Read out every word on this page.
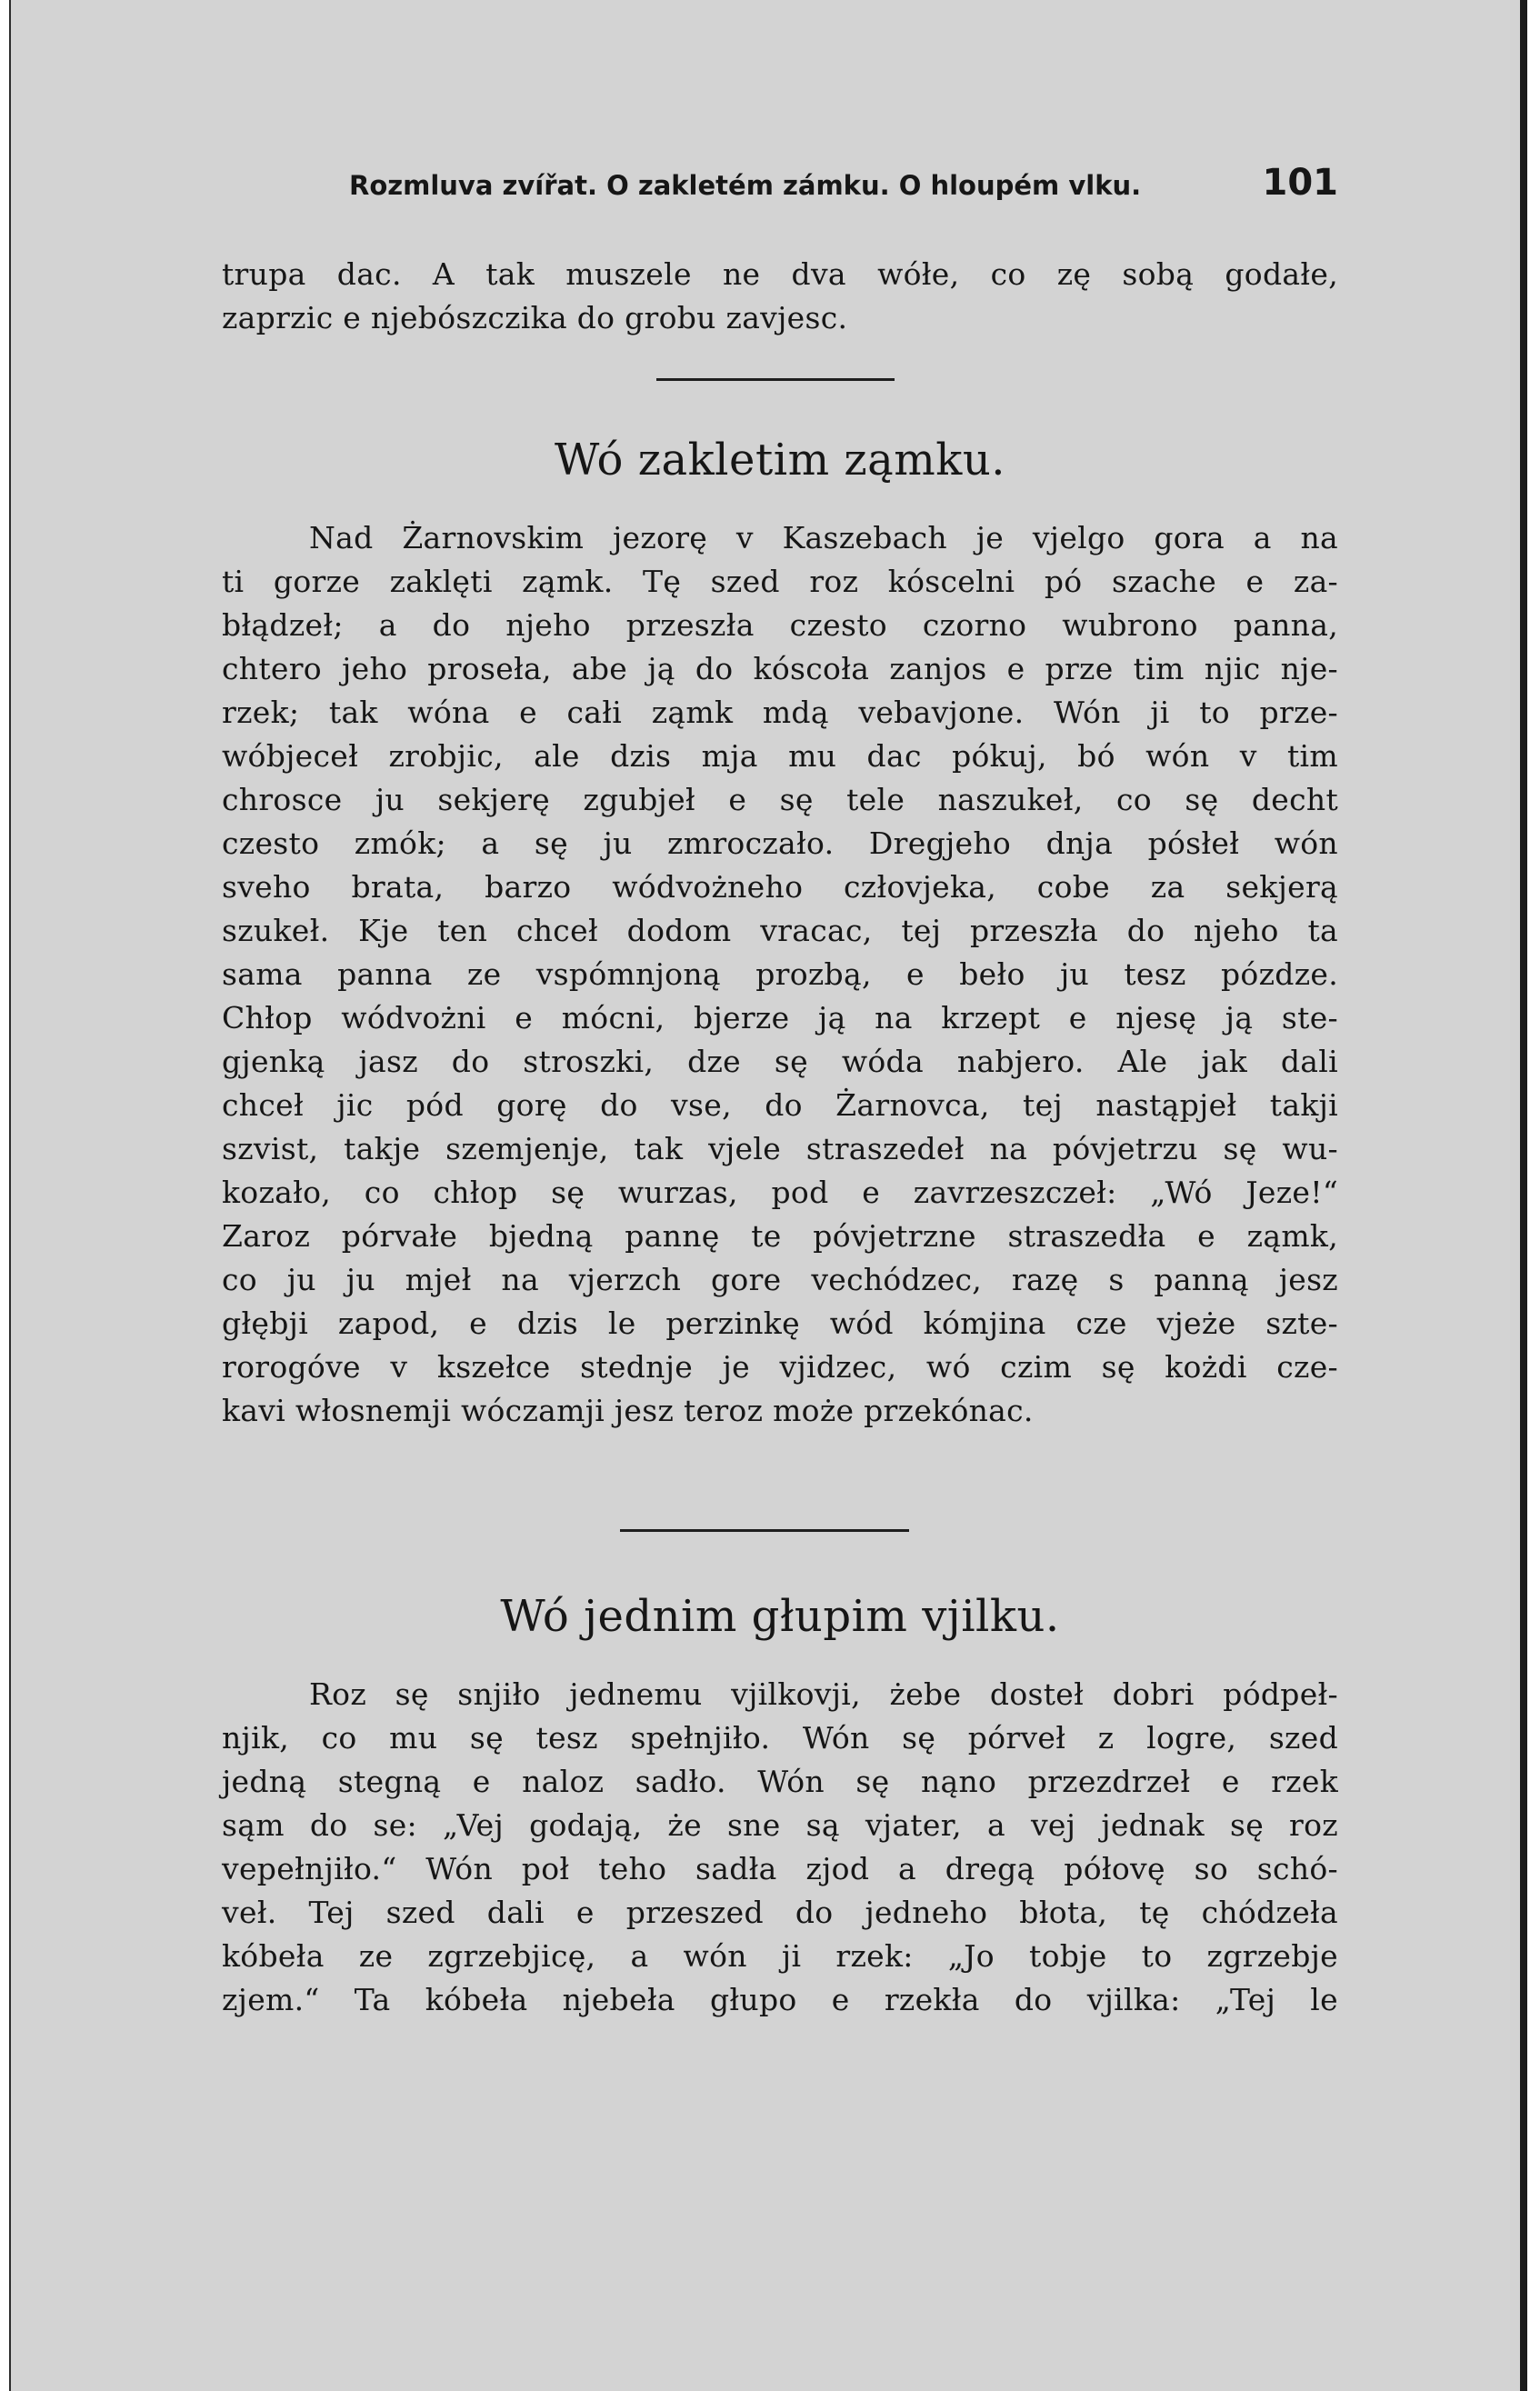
Rozmluva zvířat. O zakletém zámku. O hloupém vlku.	101
trupa dac. A tak muszele ne dva wółe, co zę sobą godałe,
zaprzic e njebószczika do grobu zavjesc.
Wó zakletim ząmku.
Nad Żarnovskim jezorę v Kaszebach je vjelgo gora a na
ti gorze zaklęti ząmk. Tę szed roz kóscelni pó szache e za-
błądzeł; a do njeho przeszła czesto czorno wubrono panna,
chtero jeho proseła, abe ją do kóscoła zanjos e prze tim njic nje-
rzek; tak wóna e całi ząmk mdą vebavjone. Wón ji to prze-
wóbjeceł zrobjic, ale dzis mja mu dac pókuj, bó wón v tim
chrosce ju sekjerę zgubjeł e sę tele naszukeł, co sę decht
czesto zmók; a sę ju zmroczało. Dregjeho dnja pósłeł wón
sveho brata, barzo wódvożneho człovjeka, cobe za sekjerą
szukeł. Kje ten chceł dodom vracac, tej przeszła do njeho ta
sama panna ze vspómnjoną prozbą, e beło ju tesz pózdze.
Chłop wódvożni e mócni, bjerze ją na krzept e njesę ją ste-
gjenką jasz do stroszki, dze sę wóda nabjero. Ale jak dali
chceł jic pód gorę do vse, do Żarnovca, tej nastąpjeł takji
szvist, takje szemjenje, tak vjele straszedeł na póvjetrzu sę wu-
kozało, co chłop sę wurzas, pod e zavrzeszczeł: „Wó Jeze!“
Zaroz pórvałe bjedną pannę te póvjetrzne straszedła e ząmk,
co ju ju mjeł na vjerzch gore vechódzec, razę s panną jesz
głębji zapod, e dzis le perzinkę wód kómjina cze vjeże szte-
rorogóve v kszełce stednje je vjidzec, wó czim sę kożdi cze-
kavi włosnemji wóczamji jesz teroz może przekónac.
Wó jednim głupim vjilku.
Roz sę snjiło jednemu vjilkovji, żebe dosteł dobri pódpeł-
njik, co mu sę tesz spełnjiło. Wón sę pórveł z logre, szed
jedną stegną e naloz sadło. Wón sę nąno przezdrzeł e rzek
sąm do se: „Vej godają, że sne są vjater, a vej jednak sę roz
vepełnjiło.“ Wón poł teho sadła zjod a dregą półovę so schó-
veł. Tej szed dali e przeszed do jedneho błota, tę chódzeła
kóbeła ze zgrzebjicę, a wón ji rzek: „Jo tobje to zgrzebje
zjem.“ Ta kóbeła njebeła głupo e rzekła do vjilka: „Tej le
